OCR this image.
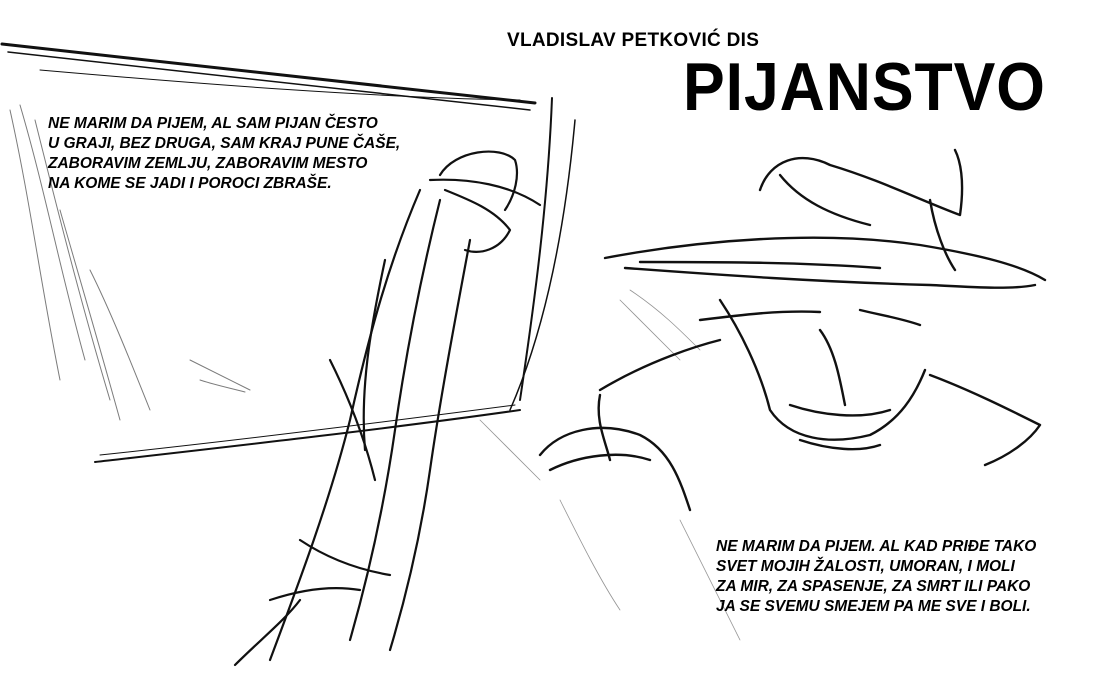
VLADISLAV PETKOVIĆ DIS
PIJANSTVO
NE MARIM DA PIJEM, AL SAM PIJAN ČESTO
U GRAJI, BEZ DRUGA, SAM KRAJ PUNE ČAŠE,
ZABORAVIM ZEMLJU, ZABORAVIM MESTO
NA KOME SE JADI I POROCI ZBRAŠE.
NE MARIM DA PIJEM. AL KAD PRIĐE TAKO
SVET MOJIH ŽALOSTI, UMORAN, I MOLI
ZA MIR, ZA SPASENJE, ZA SMRT ILI PAKO
JA SE SVEMU SMEJEM PA ME SVE I BOLI.
